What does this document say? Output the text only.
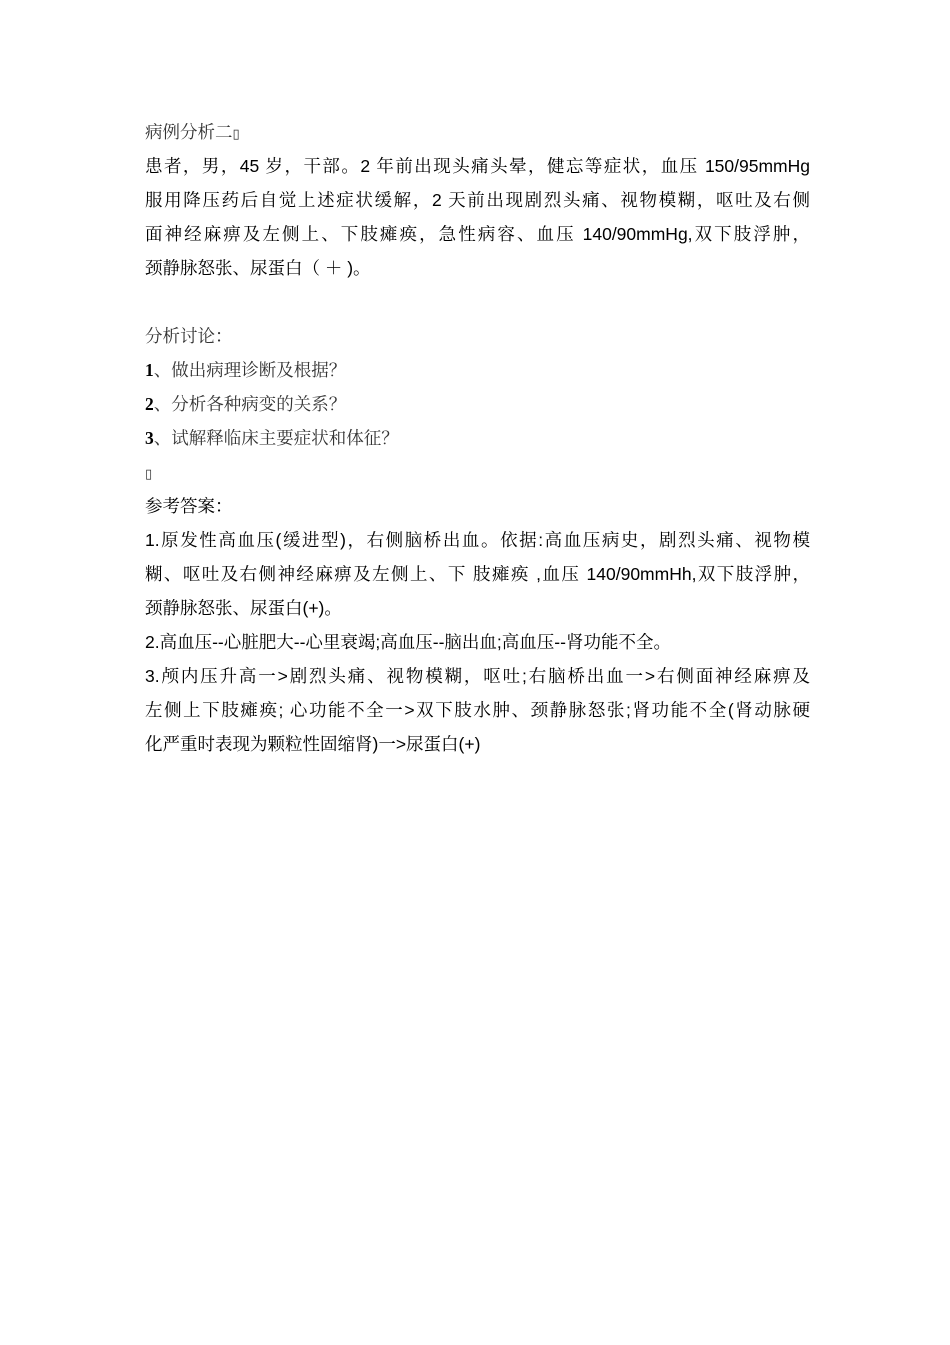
病例分析二▯
患者，男，45 岁，干部。2 年前出现头痛头晕，健忘等症状，血压 150/95mmHg
服用降压药后自觉上述症状缓解，2 天前出现剧烈头痛、视物模糊，呕吐及右侧
面神经麻痹及左侧上、下肢瘫痪，急性病容、血压 140/90mmHg,双下肢浮肿，
颈静脉怒张、尿蛋白（ ＋ )。
分析讨论：
1、做出病理诊断及根据？
2、分析各种病变的关系？
3、试解释临床主要症状和体征？
▯
参考答案：
1.原发性高血压(缓进型)，右侧脑桥出血。依据:高血压病史，剧烈头痛、视物模
糊、呕吐及右侧神经麻痹及左侧上、下 肢瘫痪 ,血压 140/90mmHh,双下肢浮肿，
颈静脉怒张、尿蛋白(+)。
2.高血压--心脏肥大--心里衰竭;高血压--脑出血;高血压--肾功能不全。
3.颅内压升高一>剧烈头痛、视物模糊，呕吐;右脑桥出血一>右侧面神经麻痹及
左侧上下肢瘫痪; 心功能不全一>双下肢水肿、颈静脉怒张;肾功能不全(肾动脉硬
化严重时表现为颗粒性固缩肾)一>尿蛋白(+)
